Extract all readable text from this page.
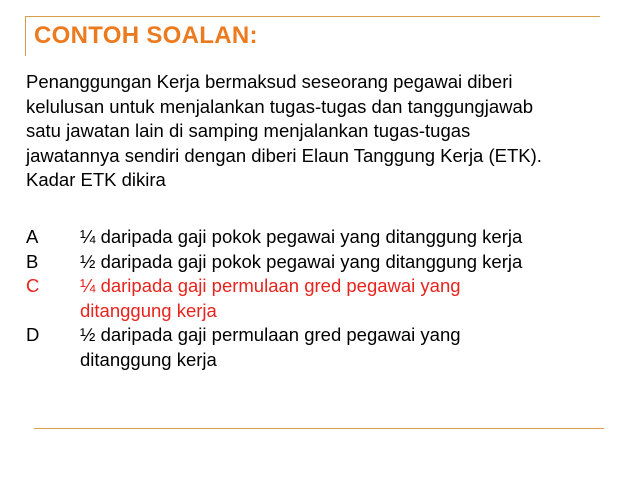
CONTOH SOALAN:
Penanggungan Kerja bermaksud seseorang pegawai diberi
kelulusan untuk menjalankan tugas-tugas dan tanggungjawab
satu jawatan lain di samping menjalankan tugas-tugas
jawatannya sendiri dengan diberi Elaun Tanggung Kerja (ETK).
Kadar ETK dikira
A	¼ daripada gaji pokok pegawai yang ditanggung kerja
B	½ daripada gaji pokok pegawai yang ditanggung kerja
C	¼ daripada gaji permulaan gred pegawai yang
ditanggung kerja
D	½ daripada gaji permulaan gred pegawai yang
ditanggung kerja
